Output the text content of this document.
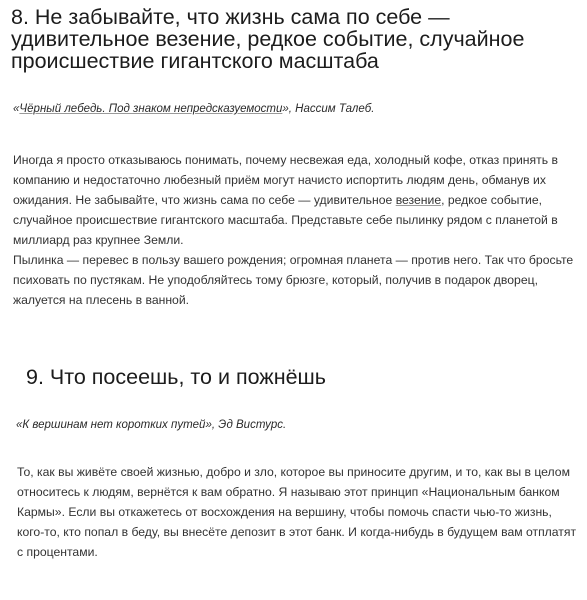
8. Не забывайте, что жизнь сама по себе — удивительное везение, редкое событие, случайное происшествие гигантского масштаба

«Чёрный лебедь. Под знаком непредсказуемости», Нассим Талеб.

Иногда я просто отказываюсь понимать, почему несвежая еда, холодный кофе, отказ принять в компанию и недостаточно любезный приём могут начисто испортить людям день, обманув их ожидания. Не забывайте, что жизнь сама по себе — удивительное везение, редкое событие, случайное происшествие гигантского масштаба. Представьте себе пылинку рядом с планетой в миллиард раз крупнее Земли.
Пылинка — перевес в пользу вашего рождения; огромная планета — против него. Так что бросьте психовать по пустякам. Не уподобляйтесь тому брюзге, который, получив в подарок дворец, жалуется на плесень в ванной.

9. Что посеешь, то и пожнёшь

«К вершинам нет коротких путей», Эд Вистурс.

То, как вы живёте своей жизнью, добро и зло, которое вы приносите другим, и то, как вы в целом относитесь к людям, вернётся к вам обратно. Я называю этот принцип «Национальным банком Кармы». Если вы откажетесь от восхождения на вершину, чтобы помочь спасти чью-то жизнь, кого-то, кто попал в беду, вы внесёте депозит в этот банк. И когда-нибудь в будущем вам отплатят с процентами.
